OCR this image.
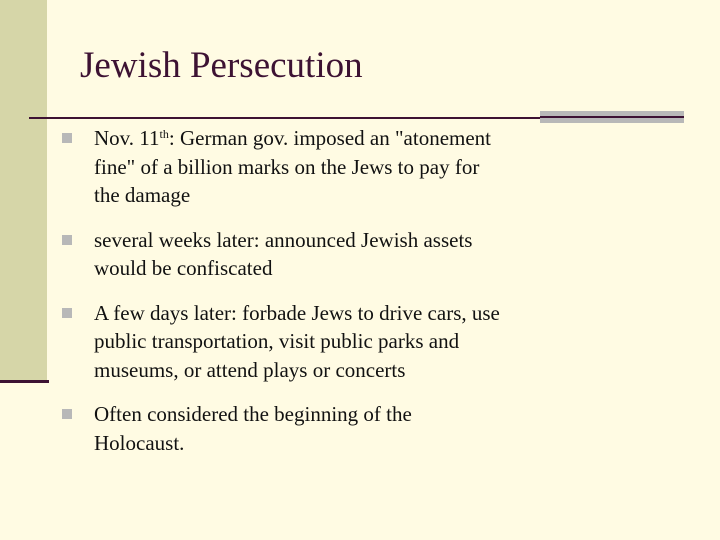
Jewish Persecution
Nov. 11th: German gov. imposed an "atonement fine" of a billion marks on the Jews to pay for the damage
several weeks later: announced Jewish assets would be confiscated
A few days later: forbade Jews to drive cars, use public transportation, visit public parks and museums, or attend plays or concerts
Often considered the beginning of the Holocaust.
